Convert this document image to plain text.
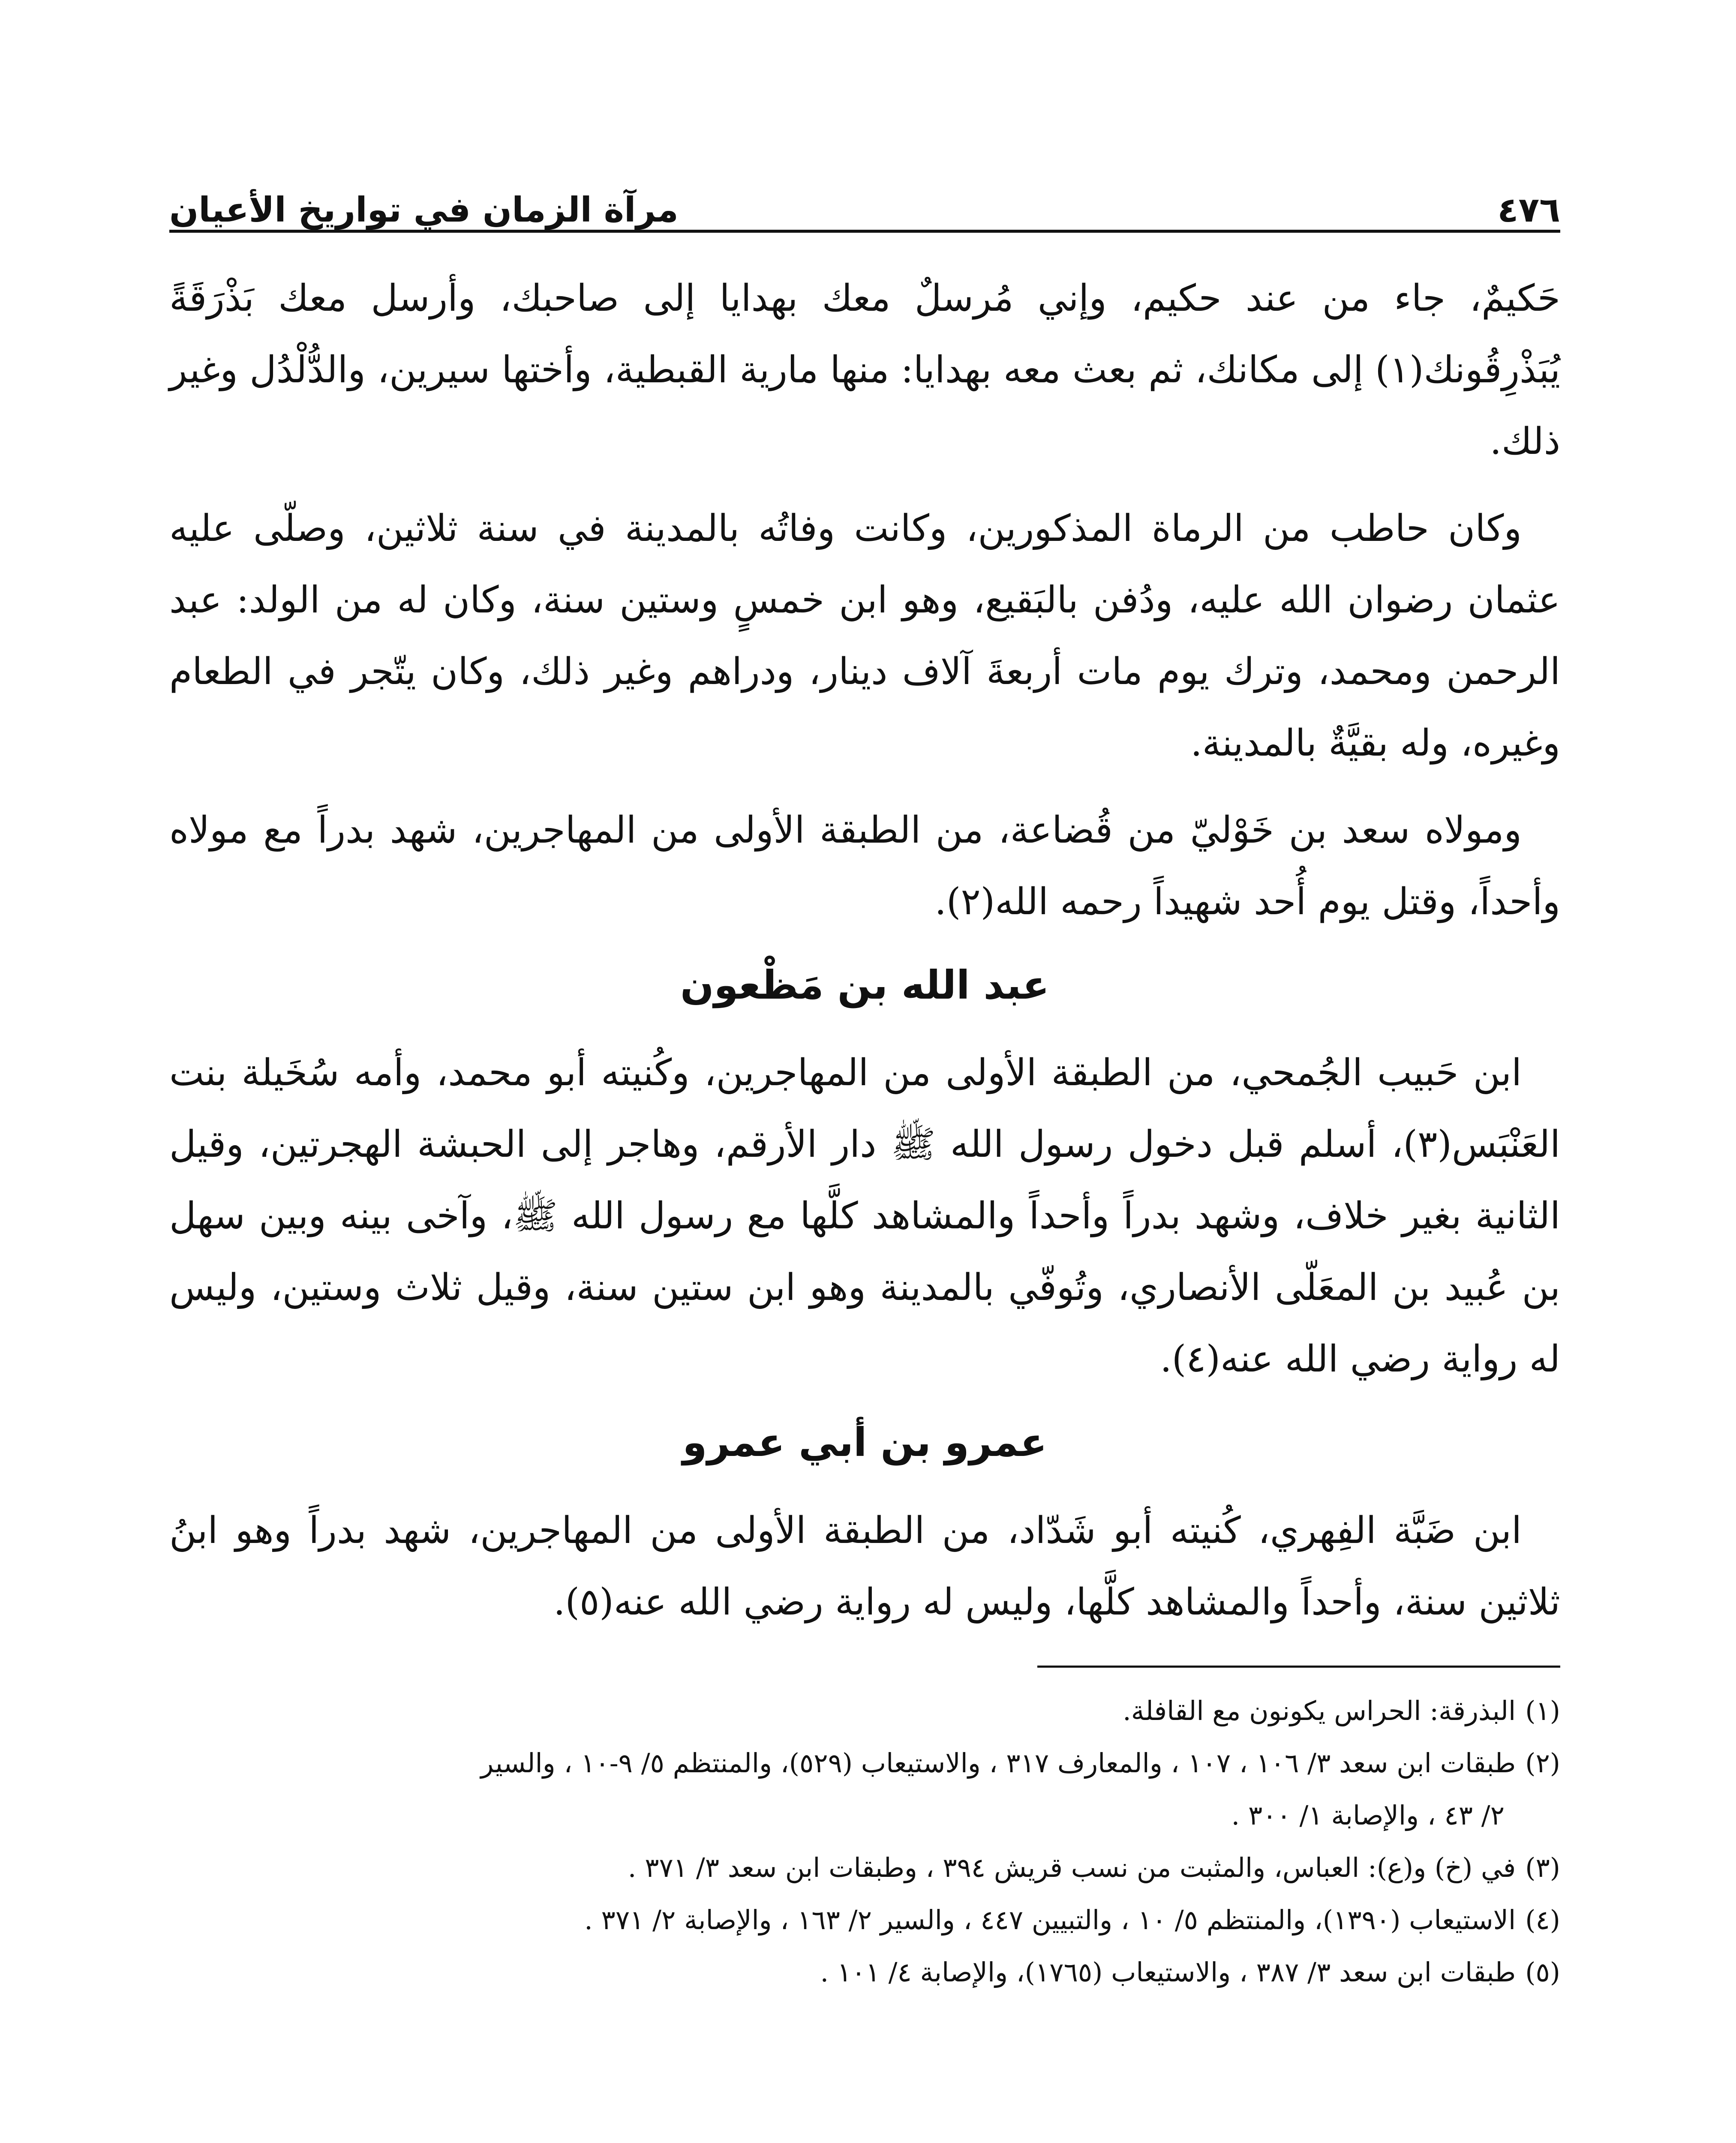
٤٧٦
مرآة الزمان في تواريخ الأعيان

حَكيمٌ، جاء من عند حكيم، وإني مُرسلٌ معك بهدايا إلى صاحبك، وأرسل معك بَذْرَقَةً يُبَذْرِقُونك(١) إلى مكانك، ثم بعث معه بهدايا: منها مارية القبطية، وأختها سيرين، والدُّلْدُل وغير ذلك.

وكان حاطب من الرماة المذكورين، وكانت وفاتُه بالمدينة في سنة ثلاثين، وصلّى عليه عثمان رضوان الله عليه، ودُفن بالبَقيع، وهو ابن خمسٍ وستين سنة، وكان له من الولد: عبد الرحمن ومحمد، وترك يوم مات أربعةَ آلاف دينار، ودراهم وغير ذلك، وكان يتّجر في الطعام وغيره، وله بقيَّةٌ بالمدينة.

ومولاه سعد بن خَوْليّ من قُضاعة، من الطبقة الأولى من المهاجرين، شهد بدراً مع مولاه وأحداً، وقتل يوم أُحد شهيداً رحمه الله(٢).

عبد الله بن مَظْعون

ابن حَبيب الجُمحي، من الطبقة الأولى من المهاجرين، وكُنيته أبو محمد، وأمه سُخَيلة بنت العَنْبَس(٣)، أسلم قبل دخول رسول الله ﷺ دار الأرقم، وهاجر إلى الحبشة الهجرتين، وقيل الثانية بغير خلاف، وشهد بدراً وأحداً والمشاهد كلَّها مع رسول الله ﷺ، وآخى بينه وبين سهل بن عُبيد بن المعَلّى الأنصاري، وتُوفّي بالمدينة وهو ابن ستين سنة، وقيل ثلاث وستين، وليس له رواية رضي الله عنه(٤).

عمرو بن أبي عمرو

ابن ضَبَّة الفِهري، كُنيته أبو شَدّاد، من الطبقة الأولى من المهاجرين، شهد بدراً وهو ابنُ ثلاثين سنة، وأحداً والمشاهد كلَّها، وليس له رواية رضي الله عنه(٥).

(١)البذرقة: الحراس يكونون مع القافلة.

(٢)طبقات ابن سعد ٣/ ١٠٦ ، ١٠٧ ، والمعارف ٣١٧ ، والاستيعاب (٥٢٩)، والمنتظم ٥/ ٩-١٠ ، والسير

٢/ ٤٣ ، والإصابة ١/ ٣٠٠ .

(٣)في (خ) و(ع): العباس، والمثبت من نسب قريش ٣٩٤ ، وطبقات ابن سعد ٣/ ٣٧١ .

(٤)الاستيعاب (١٣٩٠)، والمنتظم ٥/ ١٠ ، والتبيين ٤٤٧ ، والسير ٢/ ١٦٣ ، والإصابة ٢/ ٣٧١ .

(٥)طبقات ابن سعد ٣/ ٣٨٧ ، والاستيعاب (١٧٦٥)، والإصابة ٤/ ١٠١ .
